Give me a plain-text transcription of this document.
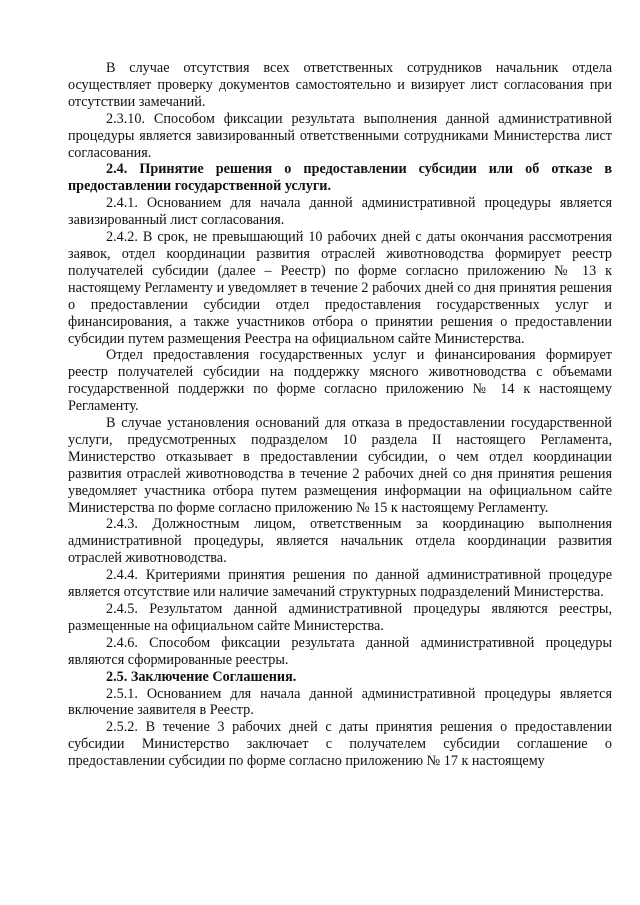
В случае отсутствия всех ответственных сотрудников начальник отдела осуществляет проверку документов самостоятельно и визирует лист согласования при отсутствии замечаний.

2.3.10. Способом фиксации результата выполнения данной административной процедуры является завизированный ответственными сотрудниками Министерства лист согласования.

2.4. Принятие решения о предоставлении субсидии или об отказе в предоставлении государственной услуги.

2.4.1. Основанием для начала данной административной процедуры является завизированный лист согласования.

2.4.2. В срок, не превышающий 10 рабочих дней с даты окончания рассмотрения заявок, отдел координации развития отраслей животноводства формирует реестр получателей субсидии (далее – Реестр) по форме согласно приложению № 13 к настоящему Регламенту и уведомляет в течение 2 рабочих дней со дня принятия решения о предоставлении субсидии отдел предоставления государственных услуг и финансирования, а также участников отбора о принятии решения о предоставлении субсидии путем размещения Реестра на официальном сайте Министерства.

Отдел предоставления государственных услуг и финансирования формирует реестр получателей субсидии на поддержку мясного животноводства с объемами государственной поддержки по форме согласно приложению № 14 к настоящему Регламенту.

В случае установления оснований для отказа в предоставлении государственной услуги, предусмотренных подразделом 10 раздела II настоящего Регламента, Министерство отказывает в предоставлении субсидии, о чем отдел координации развития отраслей животноводства в течение 2 рабочих дней со дня принятия решения уведомляет участника отбора путем размещения информации на официальном сайте Министерства по форме согласно приложению № 15 к настоящему Регламенту.

2.4.3. Должностным лицом, ответственным за координацию выполнения административной процедуры, является начальник отдела координации развития отраслей животноводства.

2.4.4. Критериями принятия решения по данной административной процедуре является отсутствие или наличие замечаний структурных подразделений Министерства.

2.4.5. Результатом данной административной процедуры являются реестры, размещенные на официальном сайте Министерства.

2.4.6. Способом фиксации результата данной административной процедуры являются сформированные реестры.

2.5. Заключение Соглашения.

2.5.1. Основанием для начала данной административной процедуры является включение заявителя в Реестр.

2.5.2. В течение 3 рабочих дней с даты принятия решения о предоставлении субсидии Министерство заключает с получателем субсидии соглашение о предоставлении субсидии по форме согласно приложению № 17 к настоящему
